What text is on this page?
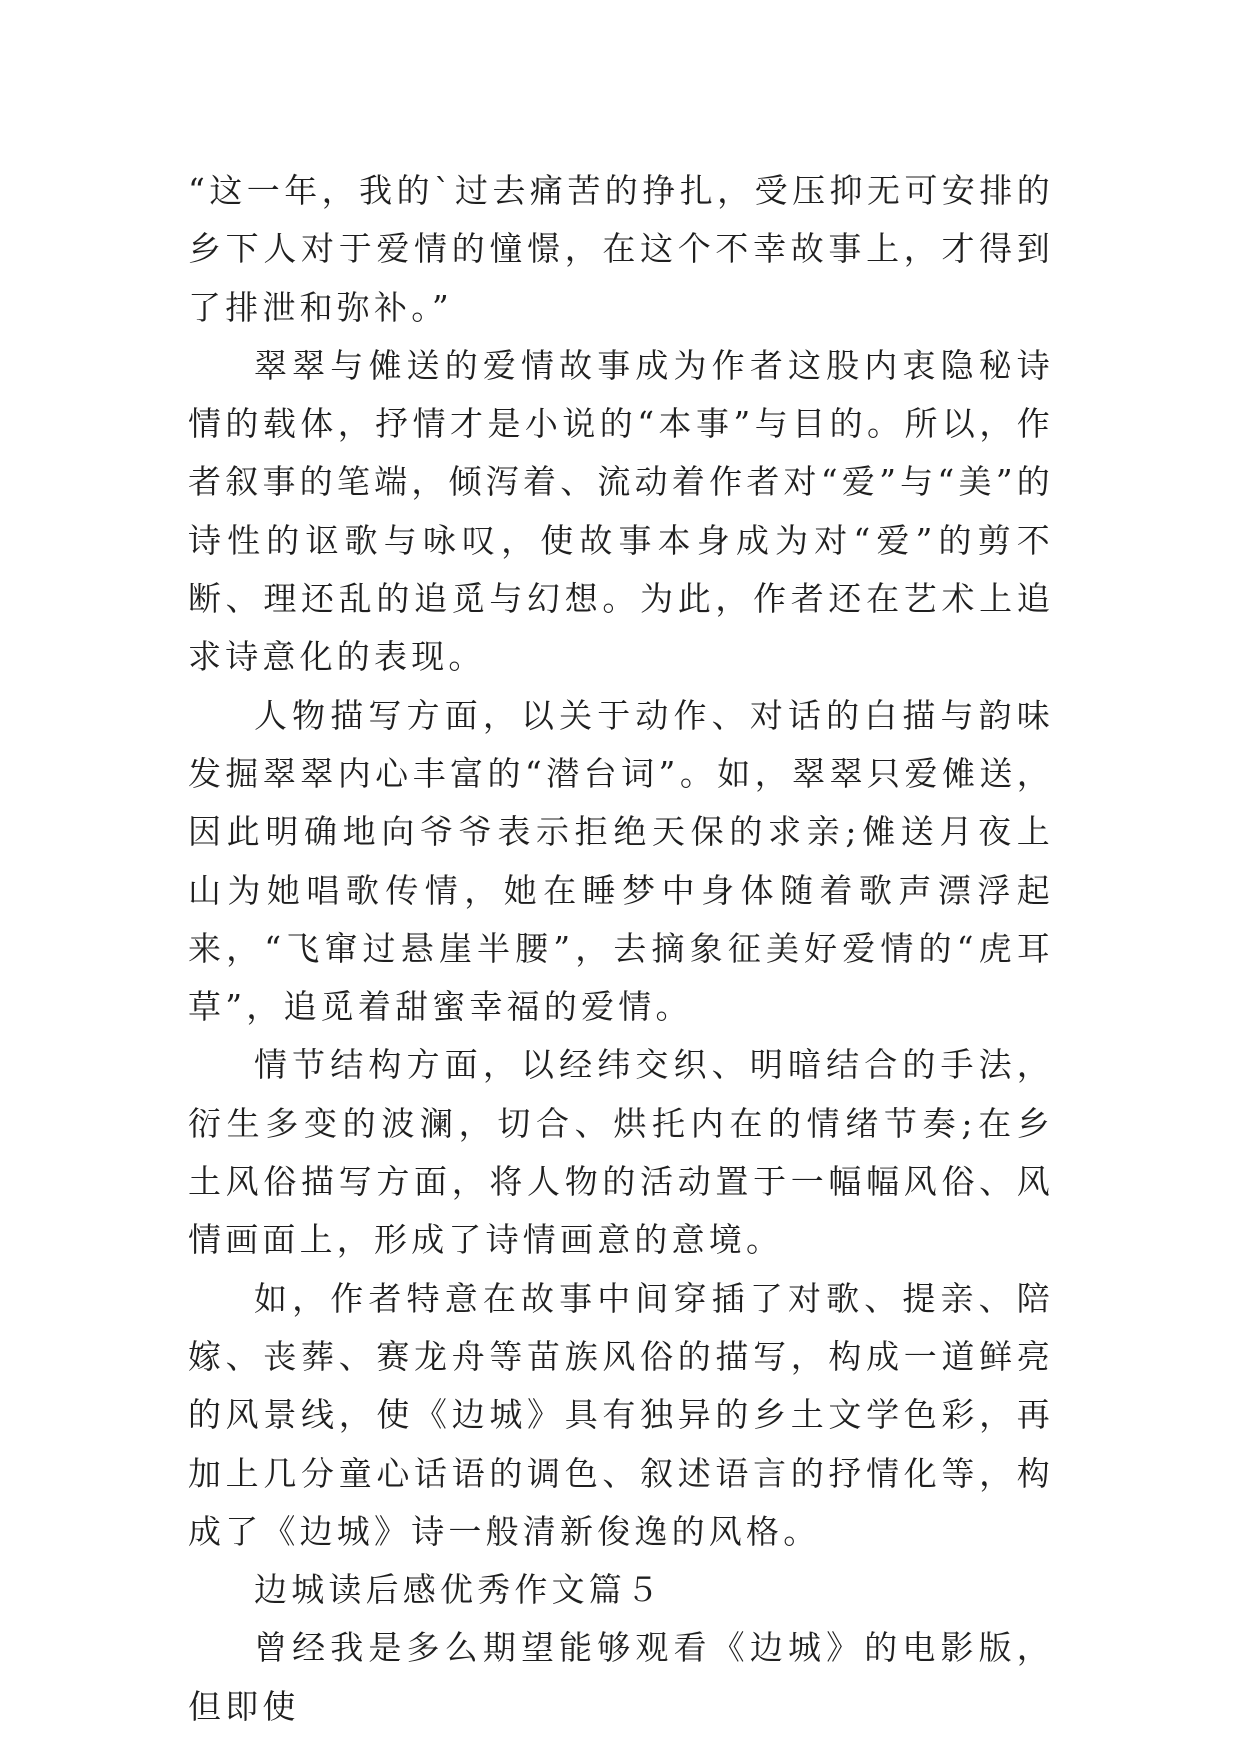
“这一年，我的`过去痛苦的挣扎，受压抑无可安排的乡下人对于爱情的憧憬，在这个不幸故事上，才得到了排泄和弥补。”

翠翠与傩送的爱情故事成为作者这股内衷隐秘诗情的载体，抒情才是小说的“本事”与目的。所以，作者叙事的笔端，倾泻着、流动着作者对“爱”与“美”的诗性的讴歌与咏叹，使故事本身成为对“爱”的剪不断、理还乱的追觅与幻想。为此，作者还在艺术上追求诗意化的表现。

人物描写方面，以关于动作、对话的白描与韵味发掘翠翠内心丰富的“潜台词”。如，翠翠只爱傩送，因此明确地向爷爷表示拒绝天保的求亲;傩送月夜上山为她唱歌传情，她在睡梦中身体随着歌声漂浮起来，“飞窜过悬崖半腰”，去摘象征美好爱情的“虎耳草”，追觅着甜蜜幸福的爱情。

情节结构方面，以经纬交织、明暗结合的手法，衍生多变的波澜，切合、烘托内在的情绪节奏;在乡土风俗描写方面，将人物的活动置于一幅幅风俗、风情画面上，形成了诗情画意的意境。

如，作者特意在故事中间穿插了对歌、提亲、陪嫁、丧葬、赛龙舟等苗族风俗的描写，构成一道鲜亮的风景线，使《边城》具有独异的乡土文学色彩，再加上几分童心话语的调色、叙述语言的抒情化等，构成了《边城》诗一般清新俊逸的风格。

边城读后感优秀作文篇５

曾经我是多么期望能够观看《边城》的电影版，但即使
